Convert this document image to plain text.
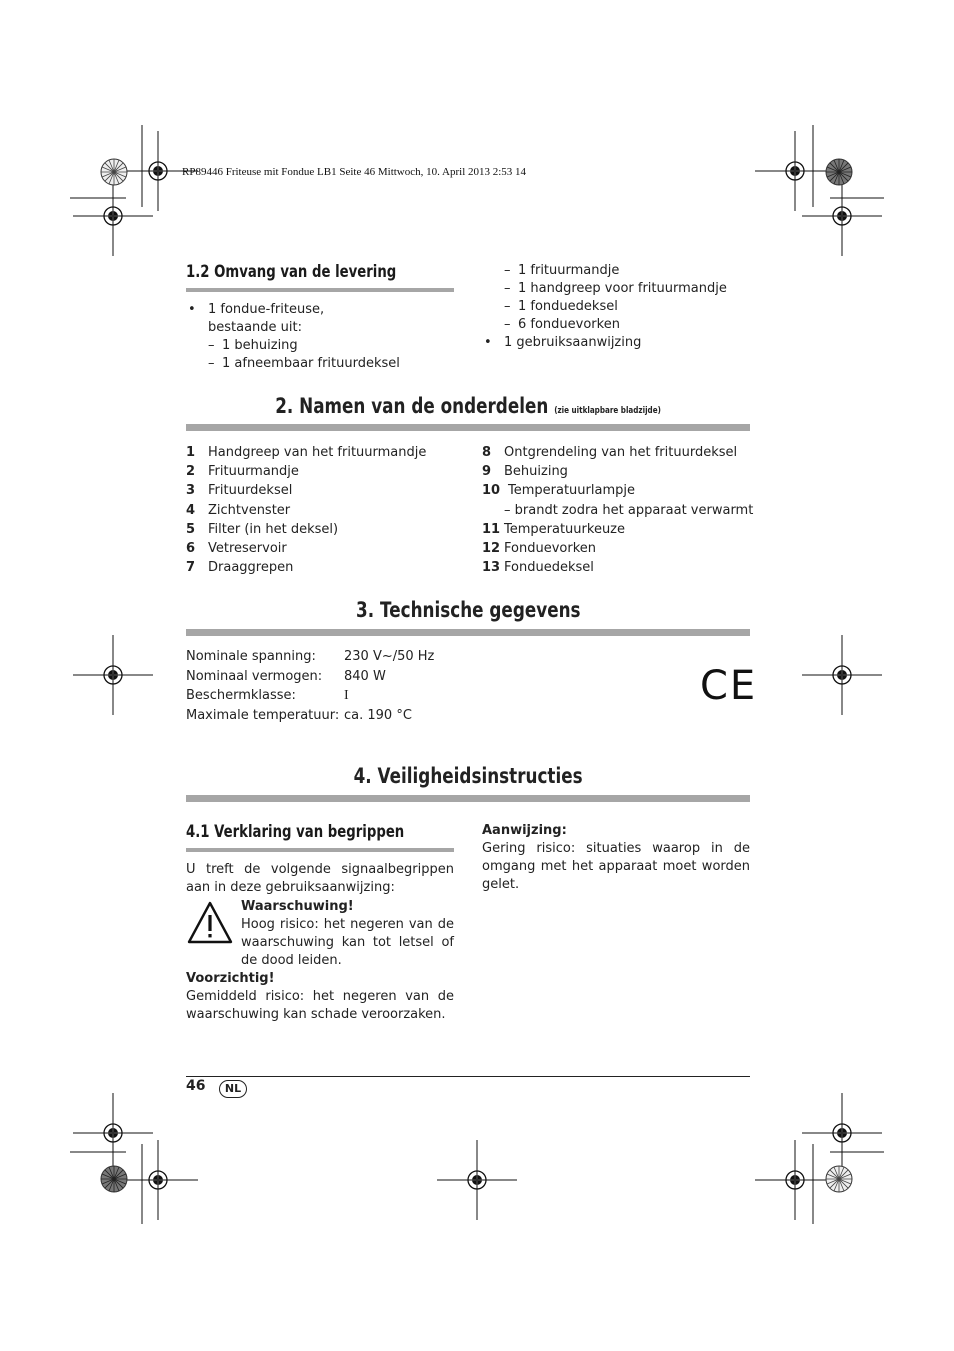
RP89446 Friteuse mit Fondue LB1 Seite 46 Mittwoch, 10. April 2013 2:53 14
1.2 Omvang van de levering
• 1 fondue-friteuse,
bestaande uit:
– 1 behuizing
– 1 afneembaar frituurdeksel
– 1 frituurmandje
– 1 handgreep voor frituurmandje
– 1 fonduedeksel
– 6 fonduevorken
• 1 gebruiksaanwijzing
2. Namen van de onderdelen (zie uitklapbare bladzijde)
1 Handgreep van het frituurmandje
2 Frituurmandje
3 Frituurdeksel
4 Zichtvenster
5 Filter (in het deksel)
6 Vetreservoir
7 Draaggrepen
8 Ontgrendeling van het frituurdeksel
9 Behuizing
10 Temperatuurlampje
– brandt zodra het apparaat verwarmt
11 Temperatuurkeuze
12 Fonduevorken
13 Fonduedeksel
3. Technische gegevens
Nominale spanning: 230 V~/50 Hz
Nominaal vermogen: 840 W
Beschermklasse:	I
Maximale temperatuur: ca. 190 °C
CE
4. Veiligheidsinstructies
4.1 Verklaring van begrippen
U treft de volgende signaalbegrippen aan in deze gebruiksaanwijzing:
Waarschuwing!
Hoog risico: het negeren van de waarschuwing kan tot letsel of de dood leiden.
Voorzichtig!
Gemiddeld risico: het negeren van de waarschuwing kan schade veroorzaken.
Aanwijzing:
Gering risico: situaties waarop in de omgang met het apparaat moet worden gelet.
46	NL
